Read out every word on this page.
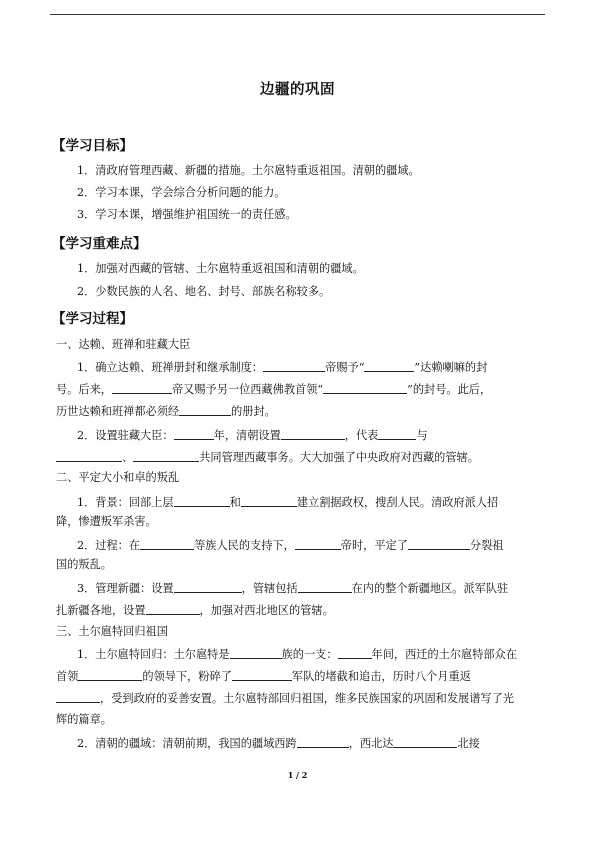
边疆的巩固
【学习目标】
1．清政府管理西藏、新疆的措施。土尔扈特重返祖国。清朝的疆域。
2．学习本课，学会综合分析问题的能力。
3．学习本课，增强维护祖国统一的责任感。
【学习重难点】
1．加强对西藏的管辖、土尔扈特重返祖国和清朝的疆域。
2．少数民族的人名、地名、封号、部族名称较多。
【学习过程】
一、达赖、班禅和驻藏大臣
1．确立达赖、班禅册封和继承制度：	帝赐予“	”达赖喇嘛的封
号。后来，	帝又赐予另一位西藏佛教首领“	”的封号。此后，
历世达赖和班禅都必须经	的册封。
2．设置驻藏大臣：	年，清朝设置	，代表	与
、	共同管理西藏事务。大大加强了中央政府对西藏的管辖。
二、平定大小和卓的叛乱
1．背景：回部上层	和	建立割据政权，搜刮人民。清政府派人招
降，惨遭叛军杀害。
2．过程：在	等族人民的支持下，	帝时，平定了	分裂祖
国的叛乱。
3．管理新疆：设置	，管辖包括	在内的整个新疆地区。派军队驻
扎新疆各地，设置	，加强对西北地区的管辖。
三、土尔扈特回归祖国
1．土尔扈特回归：土尔扈特是	族的一支：	年间，西迁的土尔扈特部众在
首领	的领导下，粉碎了	军队的堵截和追击，历时八个月重返
，受到政府的妥善安置。土尔扈特部回归祖国，维多民族国家的巩固和发展谱写了光
辉的篇章。
2．清朝的疆域：清朝前期，我国的疆域西跨	，西北达	北接
1 / 2
